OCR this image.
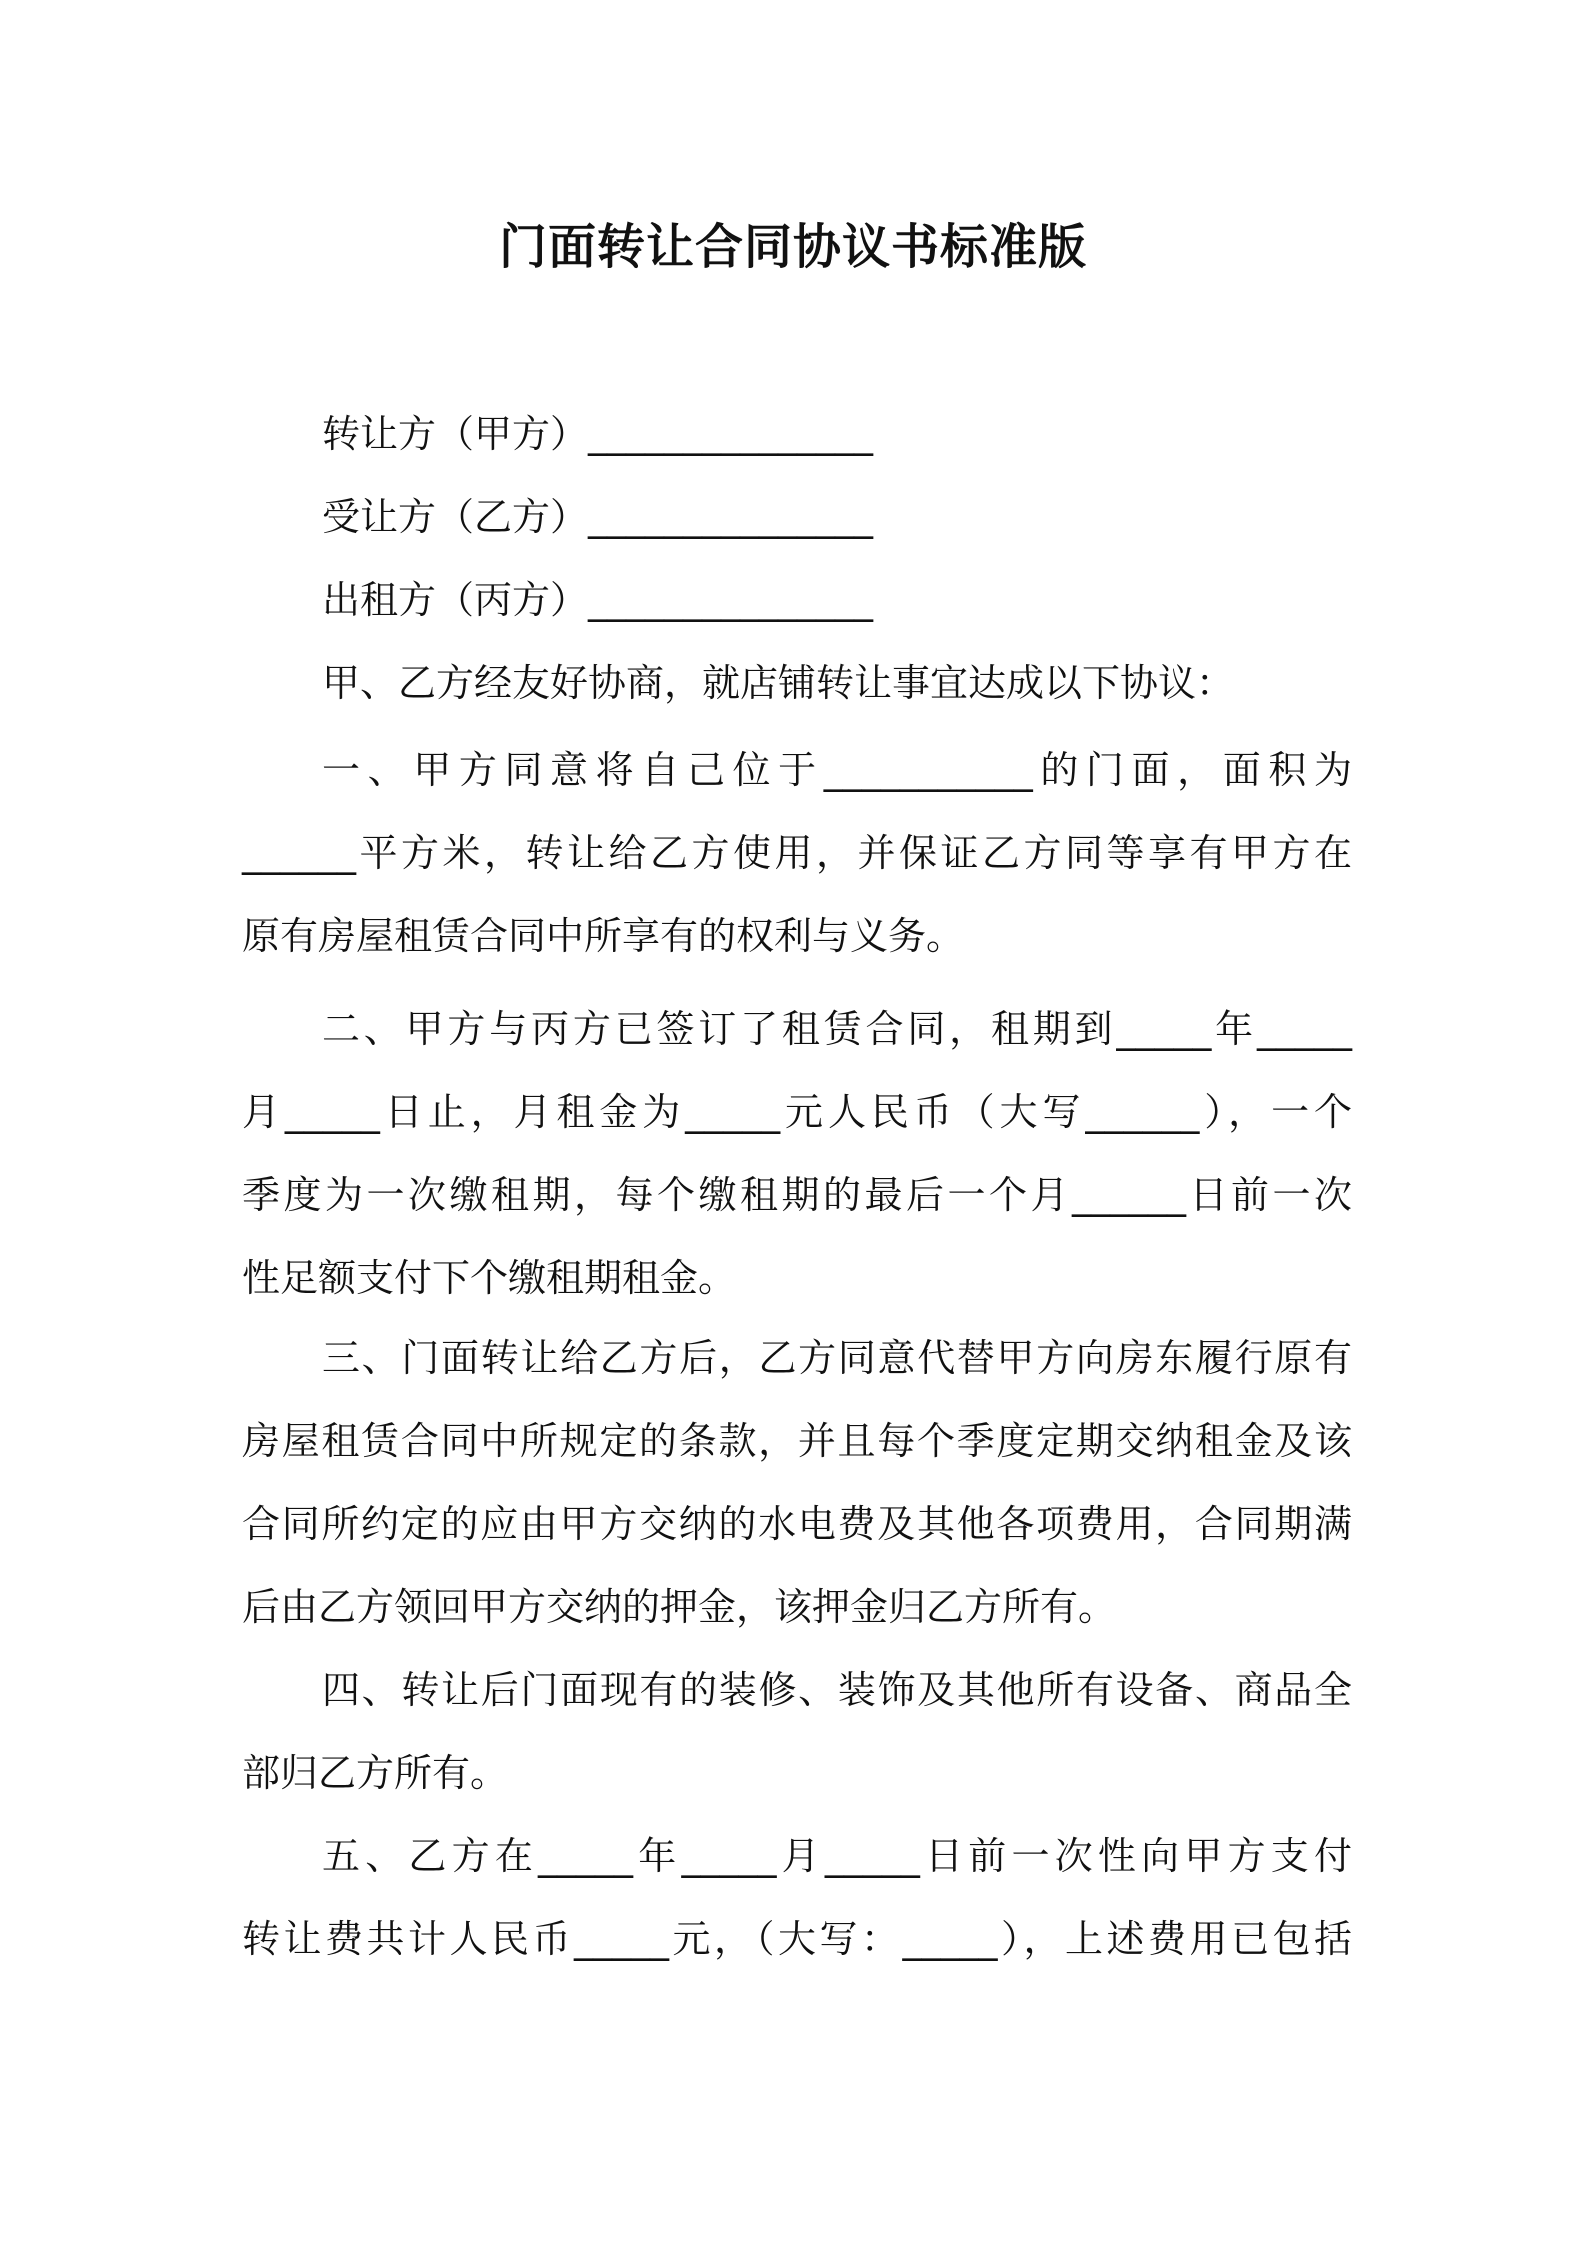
门面转让合同协议书标准版
转让方（甲方）_______________
受让方（乙方）_______________
出租方（丙方）_______________
甲、乙方经友好协商，就店铺转让事宜达成以下协议：
一、甲方同意将自己位于___________的门面，面积为
______平方米，转让给乙方使用，并保证乙方同等享有甲方在
原有房屋租赁合同中所享有的权利与义务。
二、甲方与丙方已签订了租赁合同，租期到_____年_____
月_____日止，月租金为_____元人民币（大写______），一个
季度为一次缴租期，每个缴租期的最后一个月______日前一次
性足额支付下个缴租期租金。
三、门面转让给乙方后，乙方同意代替甲方向房东履行原有
房屋租赁合同中所规定的条款，并且每个季度定期交纳租金及该
合同所约定的应由甲方交纳的水电费及其他各项费用，合同期满
后由乙方领回甲方交纳的押金，该押金归乙方所有。
四、转让后门面现有的装修、装饰及其他所有设备、商品全
部归乙方所有。
五、乙方在_____年_____月_____日前一次性向甲方支付
转让费共计人民币_____元，（大写：_____），上述费用已包括
